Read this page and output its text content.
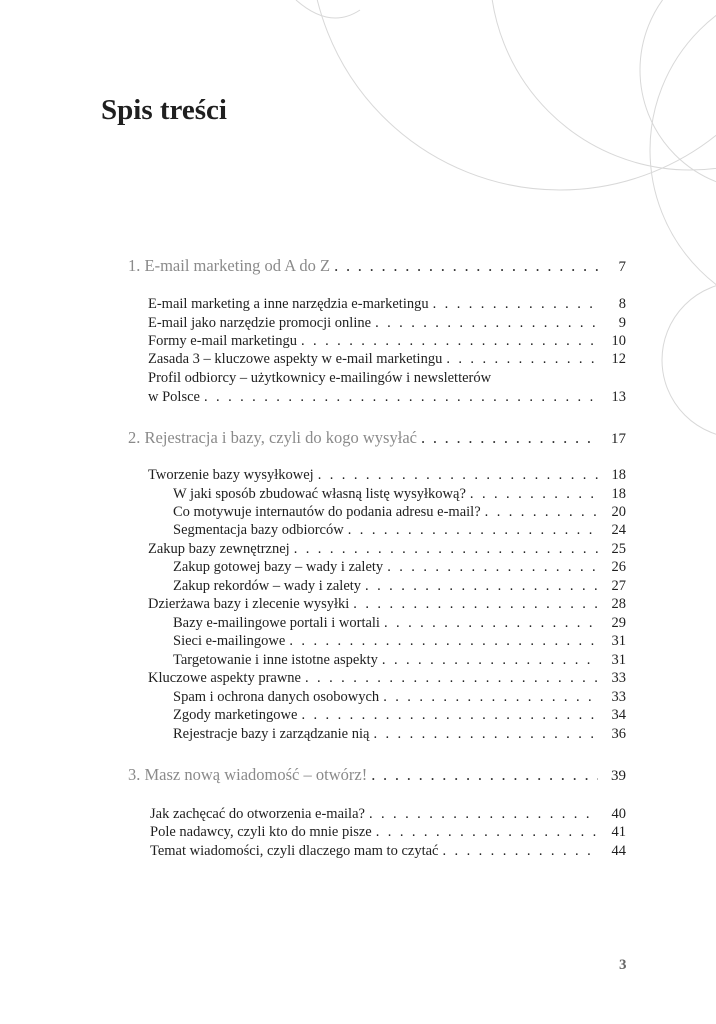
Spis treści
1. E-mail marketing od A do Z . . .	7
E-mail marketing a inne narzędzia e-marketingu . . .	8
E-mail jako narzędzie promocji online . . .	9
Formy e-mail marketingu . . .	10
Zasada 3 – kluczowe aspekty w e-mail marketingu . . .	12
Profil odbiorcy – użytkownicy e-mailingów i newsletterów
w Polsce . . .	13
2. Rejestracja i bazy, czyli do kogo wysyłać . . .	17
Tworzenie bazy wysyłkowej . . .	18
W jaki sposób zbudować własną listę wysyłkową? . . .	18
Co motywuje internautów do podania adresu e-mail? . . .	20
Segmentacja bazy odbiorców . . .	24
Zakup bazy zewnętrznej . . .	25
Zakup gotowej bazy – wady i zalety . . .	26
Zakup rekordów – wady i zalety . . .	27
Dzierżawa bazy i zlecenie wysyłki . . .	28
Bazy e-mailingowe portali i wortali . . .	29
Sieci e-mailingowe . . .	31
Targetowanie i inne istotne aspekty . . .	31
Kluczowe aspekty prawne . . .	33
Spam i ochrona danych osobowych . . .	33
Zgody marketingowe . . .	34
Rejestracje bazy i zarządzanie nią . . .	36
3. Masz nową wiadomość – otwórz! . . .	39
Jak zachęcać do otworzenia e-maila? . . .	40
Pole nadawcy, czyli kto do mnie pisze . . .	41
Temat wiadomości, czyli dlaczego mam to czytać . . .	44
3
